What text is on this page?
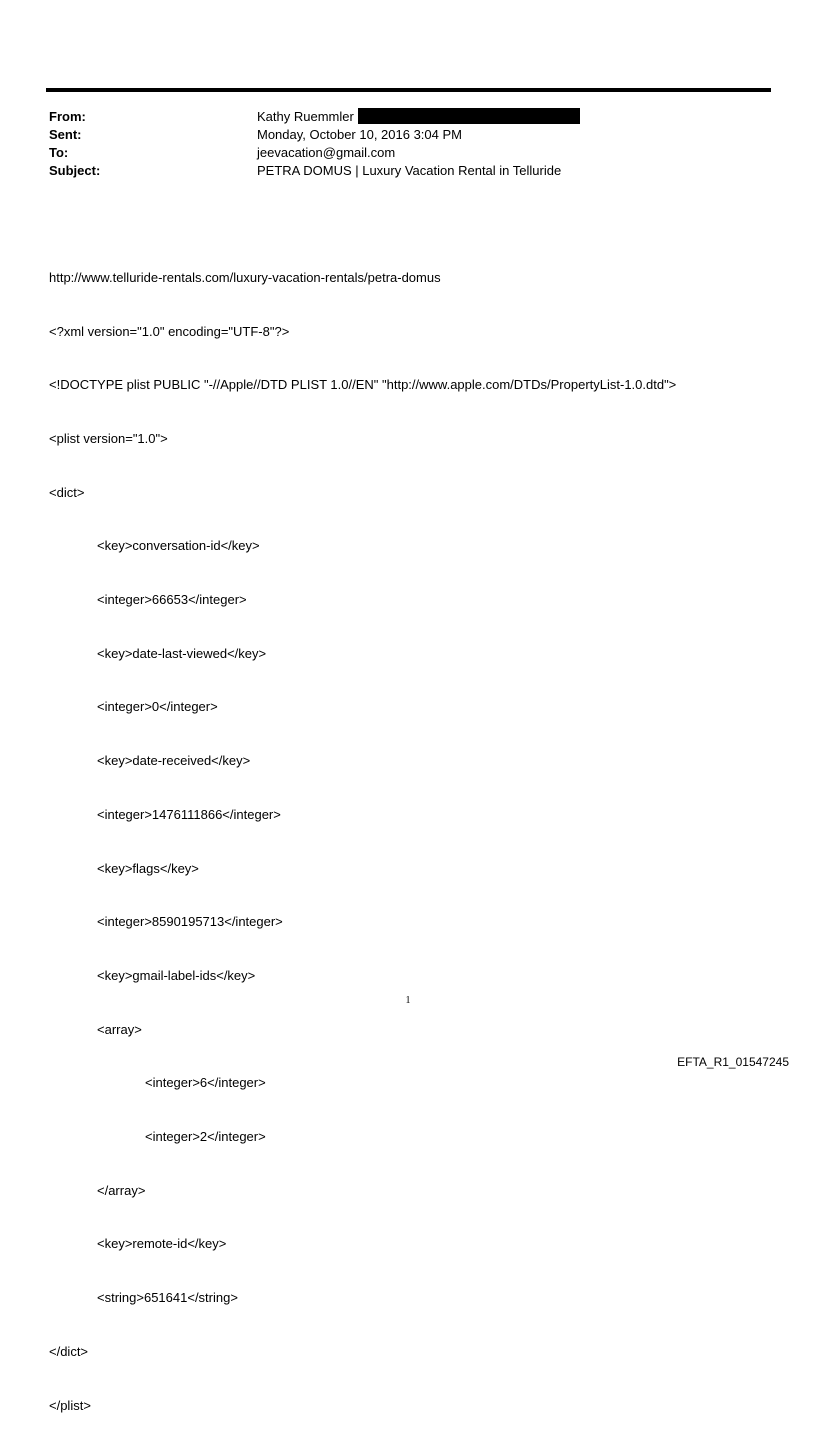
From:	Kathy Ruemmler
Sent:	Monday, October 10, 2016 3:04 PM
To:	jeevacation@gmail.com
Subject:	PETRA DOMUS | Luxury Vacation Rental in Telluride

http://www.telluride-rentals.com/luxury-vacation-rentals/petra-domus

<?xml version="1.0" encoding="UTF-8"?>

<!DOCTYPE plist PUBLIC "-//Apple//DTD PLIST 1.0//EN" "http://www.apple.com/DTDs/PropertyList-1.0.dtd">

<plist version="1.0">

<dict>

<key>conversation-id</key>

<integer>66653</integer>

<key>date-last-viewed</key>

<integer>0</integer>

<key>date-received</key>

<integer>1476111866</integer>

<key>flags</key>

<integer>8590195713</integer>

<key>gmail-label-ids</key>

<array>

<integer>6</integer>

<integer>2</integer>

</array>

<key>remote-id</key>

<string>651641</string>

</dict>

</plist>

1
EFTA_R1_01547245
